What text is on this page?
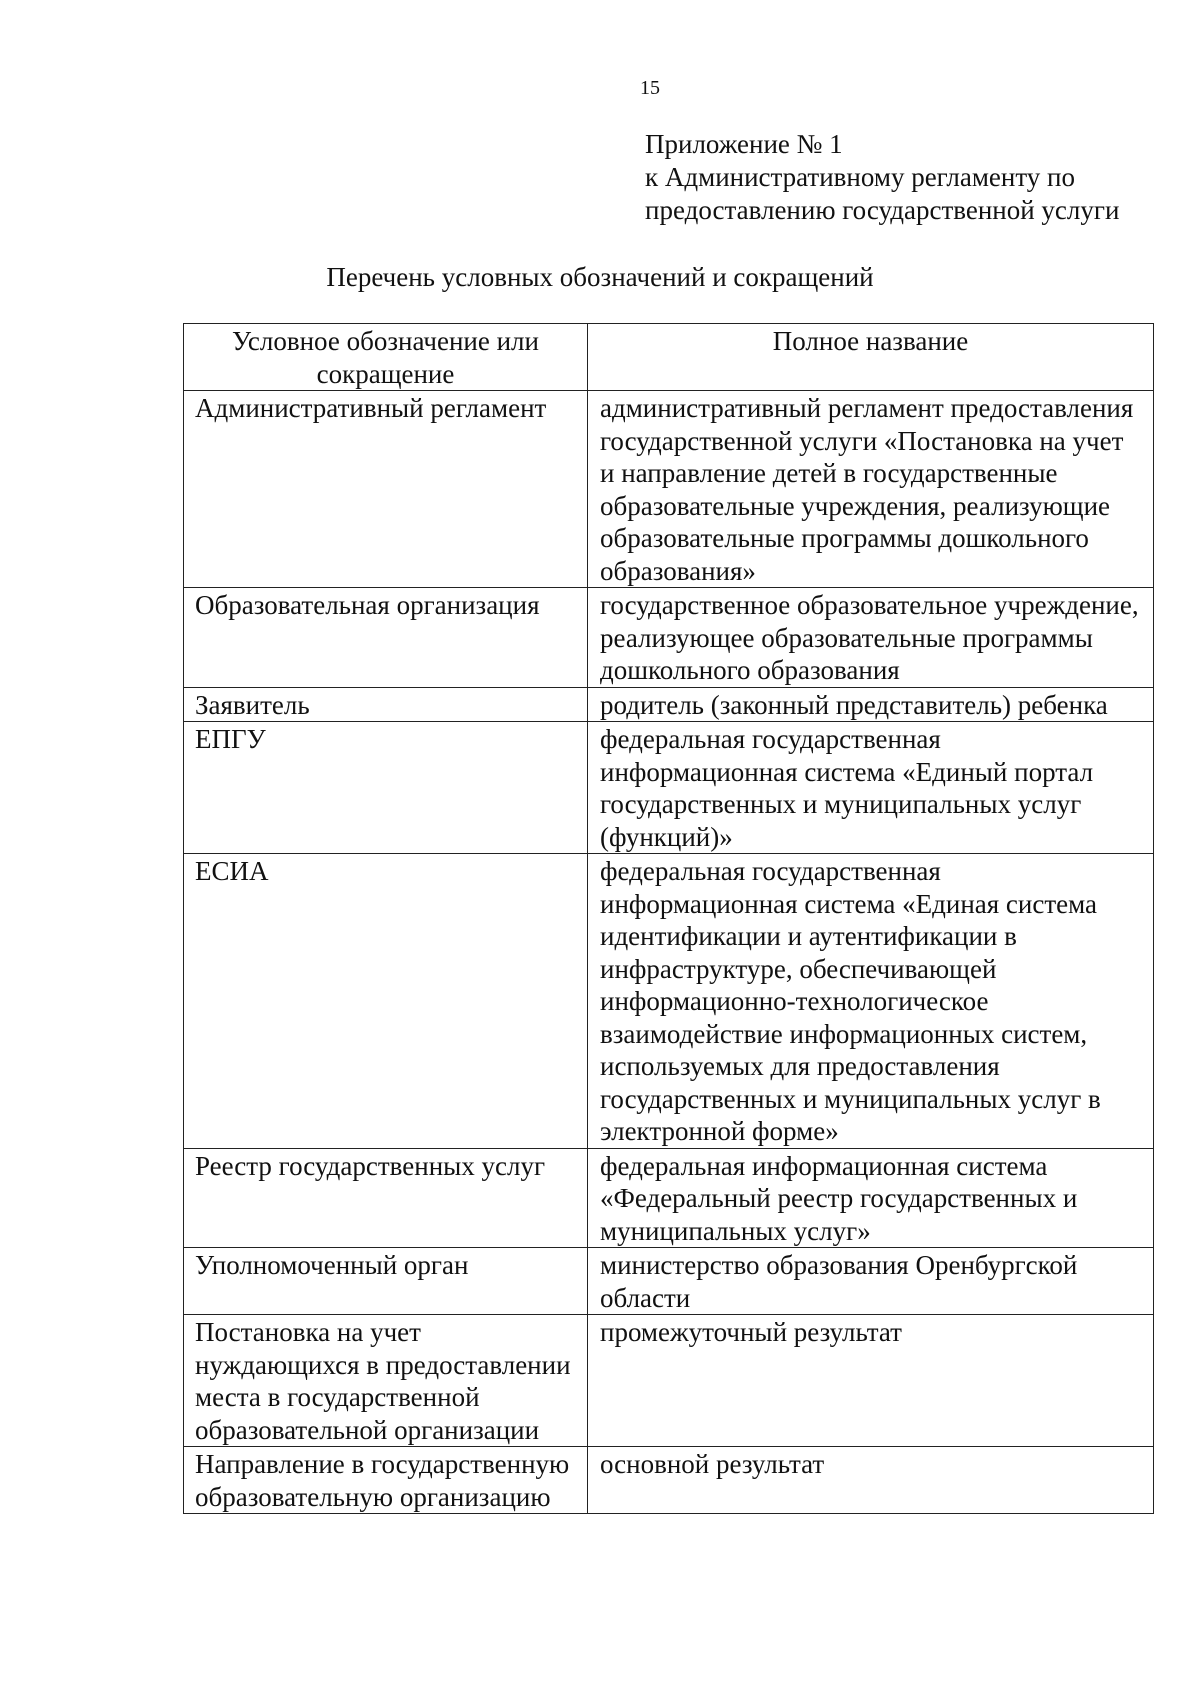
15
Приложение № 1
к Административному регламенту по
предоставлению государственной услуги
Перечень условных обозначений и сокращений
Условное обозначение или сокращение	Полное название
Административный регламент	административный регламент предоставления государственной услуги «Постановка на учет и направление детей в государственные образовательные учреждения, реализующие образовательные программы дошкольного образования»
Образовательная организация	государственное образовательное учреждение, реализующее образовательные программы дошкольного образования
Заявитель	родитель (законный представитель) ребенка
ЕПГУ	федеральная государственная информационная система «Единый портал государственных и муниципальных услуг (функций)»
ЕСИА	федеральная государственная информационная система «Единая система идентификации и аутентификации в инфраструктуре, обеспечивающей информационно-технологическое взаимодействие информационных систем, используемых для предоставления государственных и муниципальных услуг в электронной форме»
Реестр государственных услуг	федеральная информационная система «Федеральный реестр государственных и муниципальных услуг»
Уполномоченный орган	министерство образования Оренбургской области
Постановка на учет нуждающихся в предоставлении места в государственной образовательной организации	промежуточный результат
Направление в государственную образовательную организацию	основной результат
